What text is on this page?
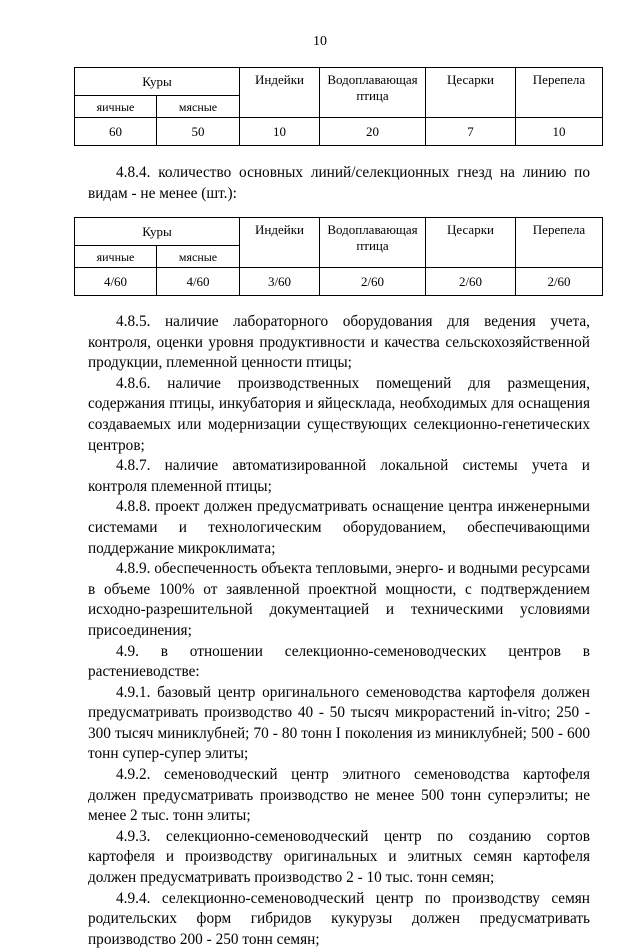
10
Куры		Индейки	Водоплавающая птица	Цесарки	Перепела
яичные	мясные				
60	50	10	20	7	10
4.8.4. количество основных линий/селекционных гнезд на линию по
видам - не менее (шт.):
Куры		Индейки	Водоплавающая птица	Цесарки	Перепела
яичные	мясные				
4/60	4/60	3/60	2/60	2/60	2/60

4.8.5. наличие лабораторного оборудования для ведения учета, контроля, оценки уровня продуктивности и качества сельскохозяйственной продукции, племенной ценности птицы;

4.8.6. наличие производственных помещений для размещения, содержания птицы, инкубатория и яйцесклада, необходимых для оснащения создаваемых или модернизации существующих селекционно-генетических центров;

4.8.7. наличие автоматизированной локальной системы учета и контроля племенной птицы;

4.8.8. проект должен предусматривать оснащение центра инженерными системами и технологическим оборудованием, обеспечивающими поддержание микроклимата;

4.8.9. обеспеченность объекта тепловыми, энерго- и водными ресурсами в объеме 100% от заявленной проектной мощности, с подтверждением исходно-разрешительной документацией и техническими условиями присоединения;

4.9. в отношении селекционно-семеноводческих центров в растениеводстве:

4.9.1. базовый центр оригинального семеноводства картофеля должен предусматривать производство 40 - 50 тысяч микрорастений in-vitro; 250 - 300 тысяч миниклубней; 70 - 80 тонн I поколения из миниклубней; 500 - 600 тонн супер-супер элиты;

4.9.2. семеноводческий центр элитного семеноводства картофеля должен предусматривать производство не менее 500 тонн суперэлиты; не менее 2 тыс. тонн элиты;

4.9.3. селекционно-семеноводческий центр по созданию сортов картофеля и производству оригинальных и элитных семян картофеля должен предусматривать производство 2 - 10 тыс. тонн семян;

4.9.4. селекционно-семеноводческий центр по производству семян родительских форм гибридов кукурузы должен предусматривать производство 200 - 250 тонн семян;
